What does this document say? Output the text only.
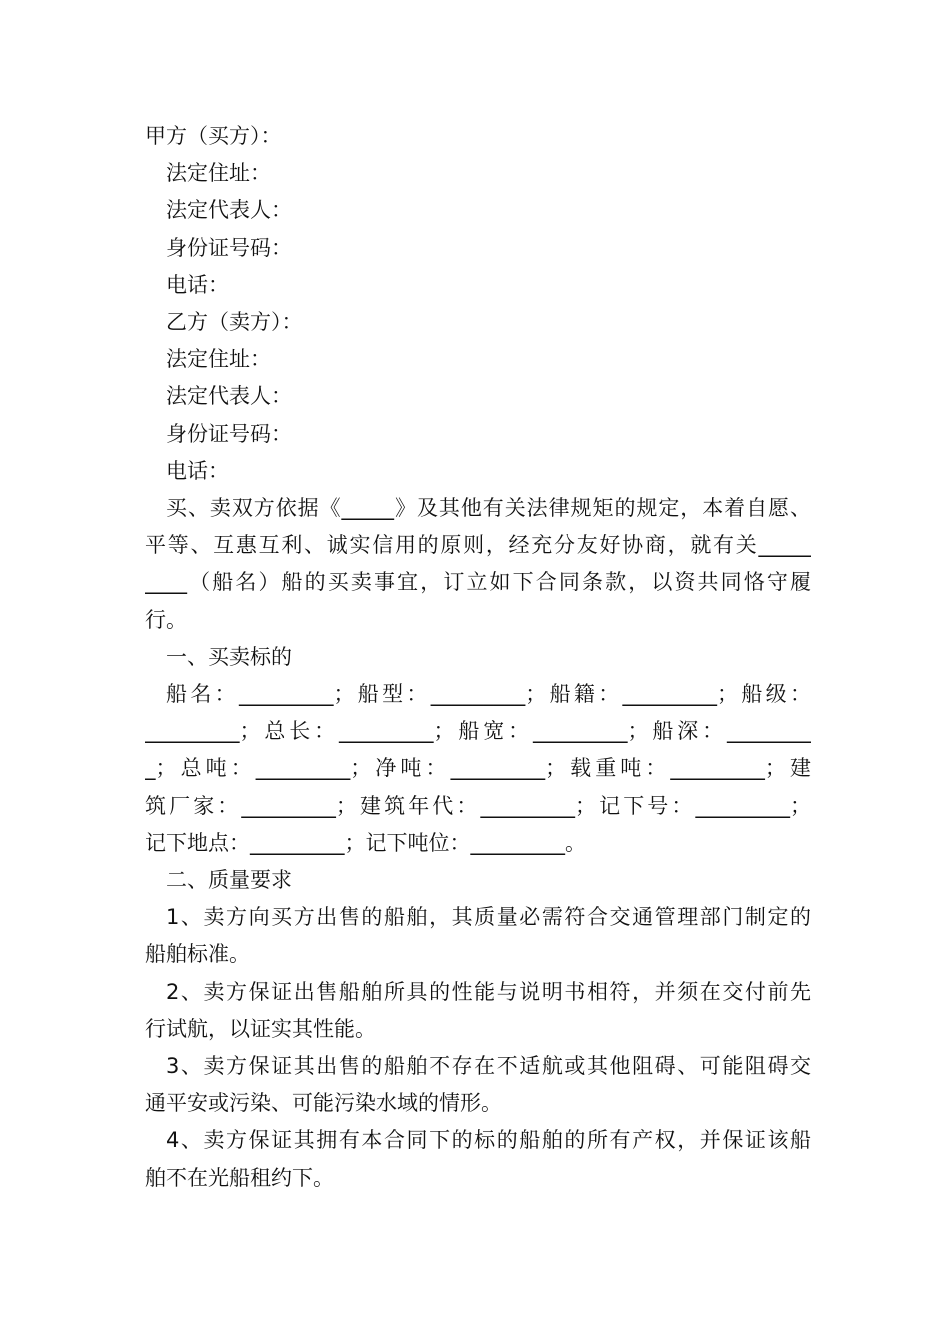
甲方（买方）：
法定住址：
法定代表人：
身份证号码：
电话：
乙方（卖方）：
法定住址：
法定代表人：
身份证号码：
电话：
买、卖双方依据《_____》及其他有关法律规矩的规定，本着自愿、
平等、互惠互利、诚实信用的原则，经充分友好协商，就有关_____
____（船名）船的买卖事宜，订立如下合同条款，以资共同恪守履
行。
一、买卖标的
船名：_________；船型：_________；船籍：_________；船级：
_________；总长：_________；船宽：_________；船深：________
_；总吨：_________；净吨：_________；载重吨：_________；建
筑厂家：_________；建筑年代：_________；记下号：_________；
记下地点：_________；记下吨位：_________。
二、质量要求
1、卖方向买方出售的船舶，其质量必需符合交通管理部门制定的
船舶标准。
2、卖方保证出售船舶所具的性能与说明书相符，并须在交付前先
行试航，以证实其性能。
3、卖方保证其出售的船舶不存在不适航或其他阻碍、可能阻碍交
通平安或污染、可能污染水域的情形。
4、卖方保证其拥有本合同下的标的船舶的所有产权，并保证该船
舶不在光船租约下。
